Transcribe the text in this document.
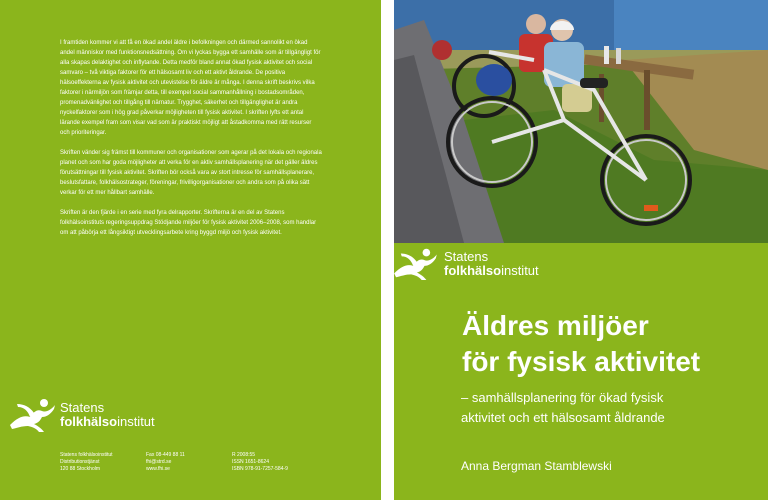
I framtiden kommer vi att få en ökad andel äldre i befolkningen och därmed sannolikt en ökad andel människor med funktionsnedsättning. Om vi lyckas bygga ett samhälle som är tillgängligt för alla skapas delaktighet och inflytande. Detta medför bland annat ökad fysisk aktivitet och social samvaro – två viktiga faktorer för ett hälsosamt liv och ett aktivt åldrande. De positiva hälsoeffekterna av fysisk aktivitet och utevistelse för äldre är många. I denna skrift beskrivs vilka faktorer i närmiljön som främjar detta, till exempel social sammanhållning i bostadsområden, promenadvänlighet och tillgång till närnatur. Trygghet, säkerhet och tillgänglighet är andra nyckelfaktorer som i hög grad påverkar möjligheten till fysisk aktivitet. I skriften lyfts ett antal lärande exempel fram som visar vad som är praktiskt möjligt att åstadkomma med rätt resurser och prioriteringar.

Skriften vänder sig främst till kommuner och organisationer som agerar på det lokala och regionala planet och som har goda möjligheter att verka för en aktiv samhällsplanering när det gäller äldres förutsättningar till fysisk aktivitet. Skriften bör också vara av stort intresse för samhällsplanerare, beslutsfattare, folkhälsostrateger, föreningar, frivilligorganisationer och andra som på olika sätt verkar för ett mer hållbart samhälle.

Skriften är den fjärde i en serie med fyra delrapporter. Skrifterna är en del av Statens folkhälsoinstituts regeringsuppdrag Stödjande miljöer för fysisk aktivitet 2006–2008, som handlar om att påbörja ett långsiktigt utvecklingsarbete kring byggd miljö och fysisk aktivitet.

Statens
folkhälsoinstitut
Statens folkhälsoinstitut
Distributionstjänst
120 88 Stockholm
Fax 08-449 88 11
fhi@strd.se
www.fhi.se
R 2008:55
ISSN 1651-8624
ISBN 978-91-7257-584-9
Statens
folkhälsoinstitut
Äldres miljöer
för fysisk aktivitet
– samhällsplanering för ökad fysisk
aktivitet och ett hälsosamt åldrande
Anna Bergman Stamblewski
